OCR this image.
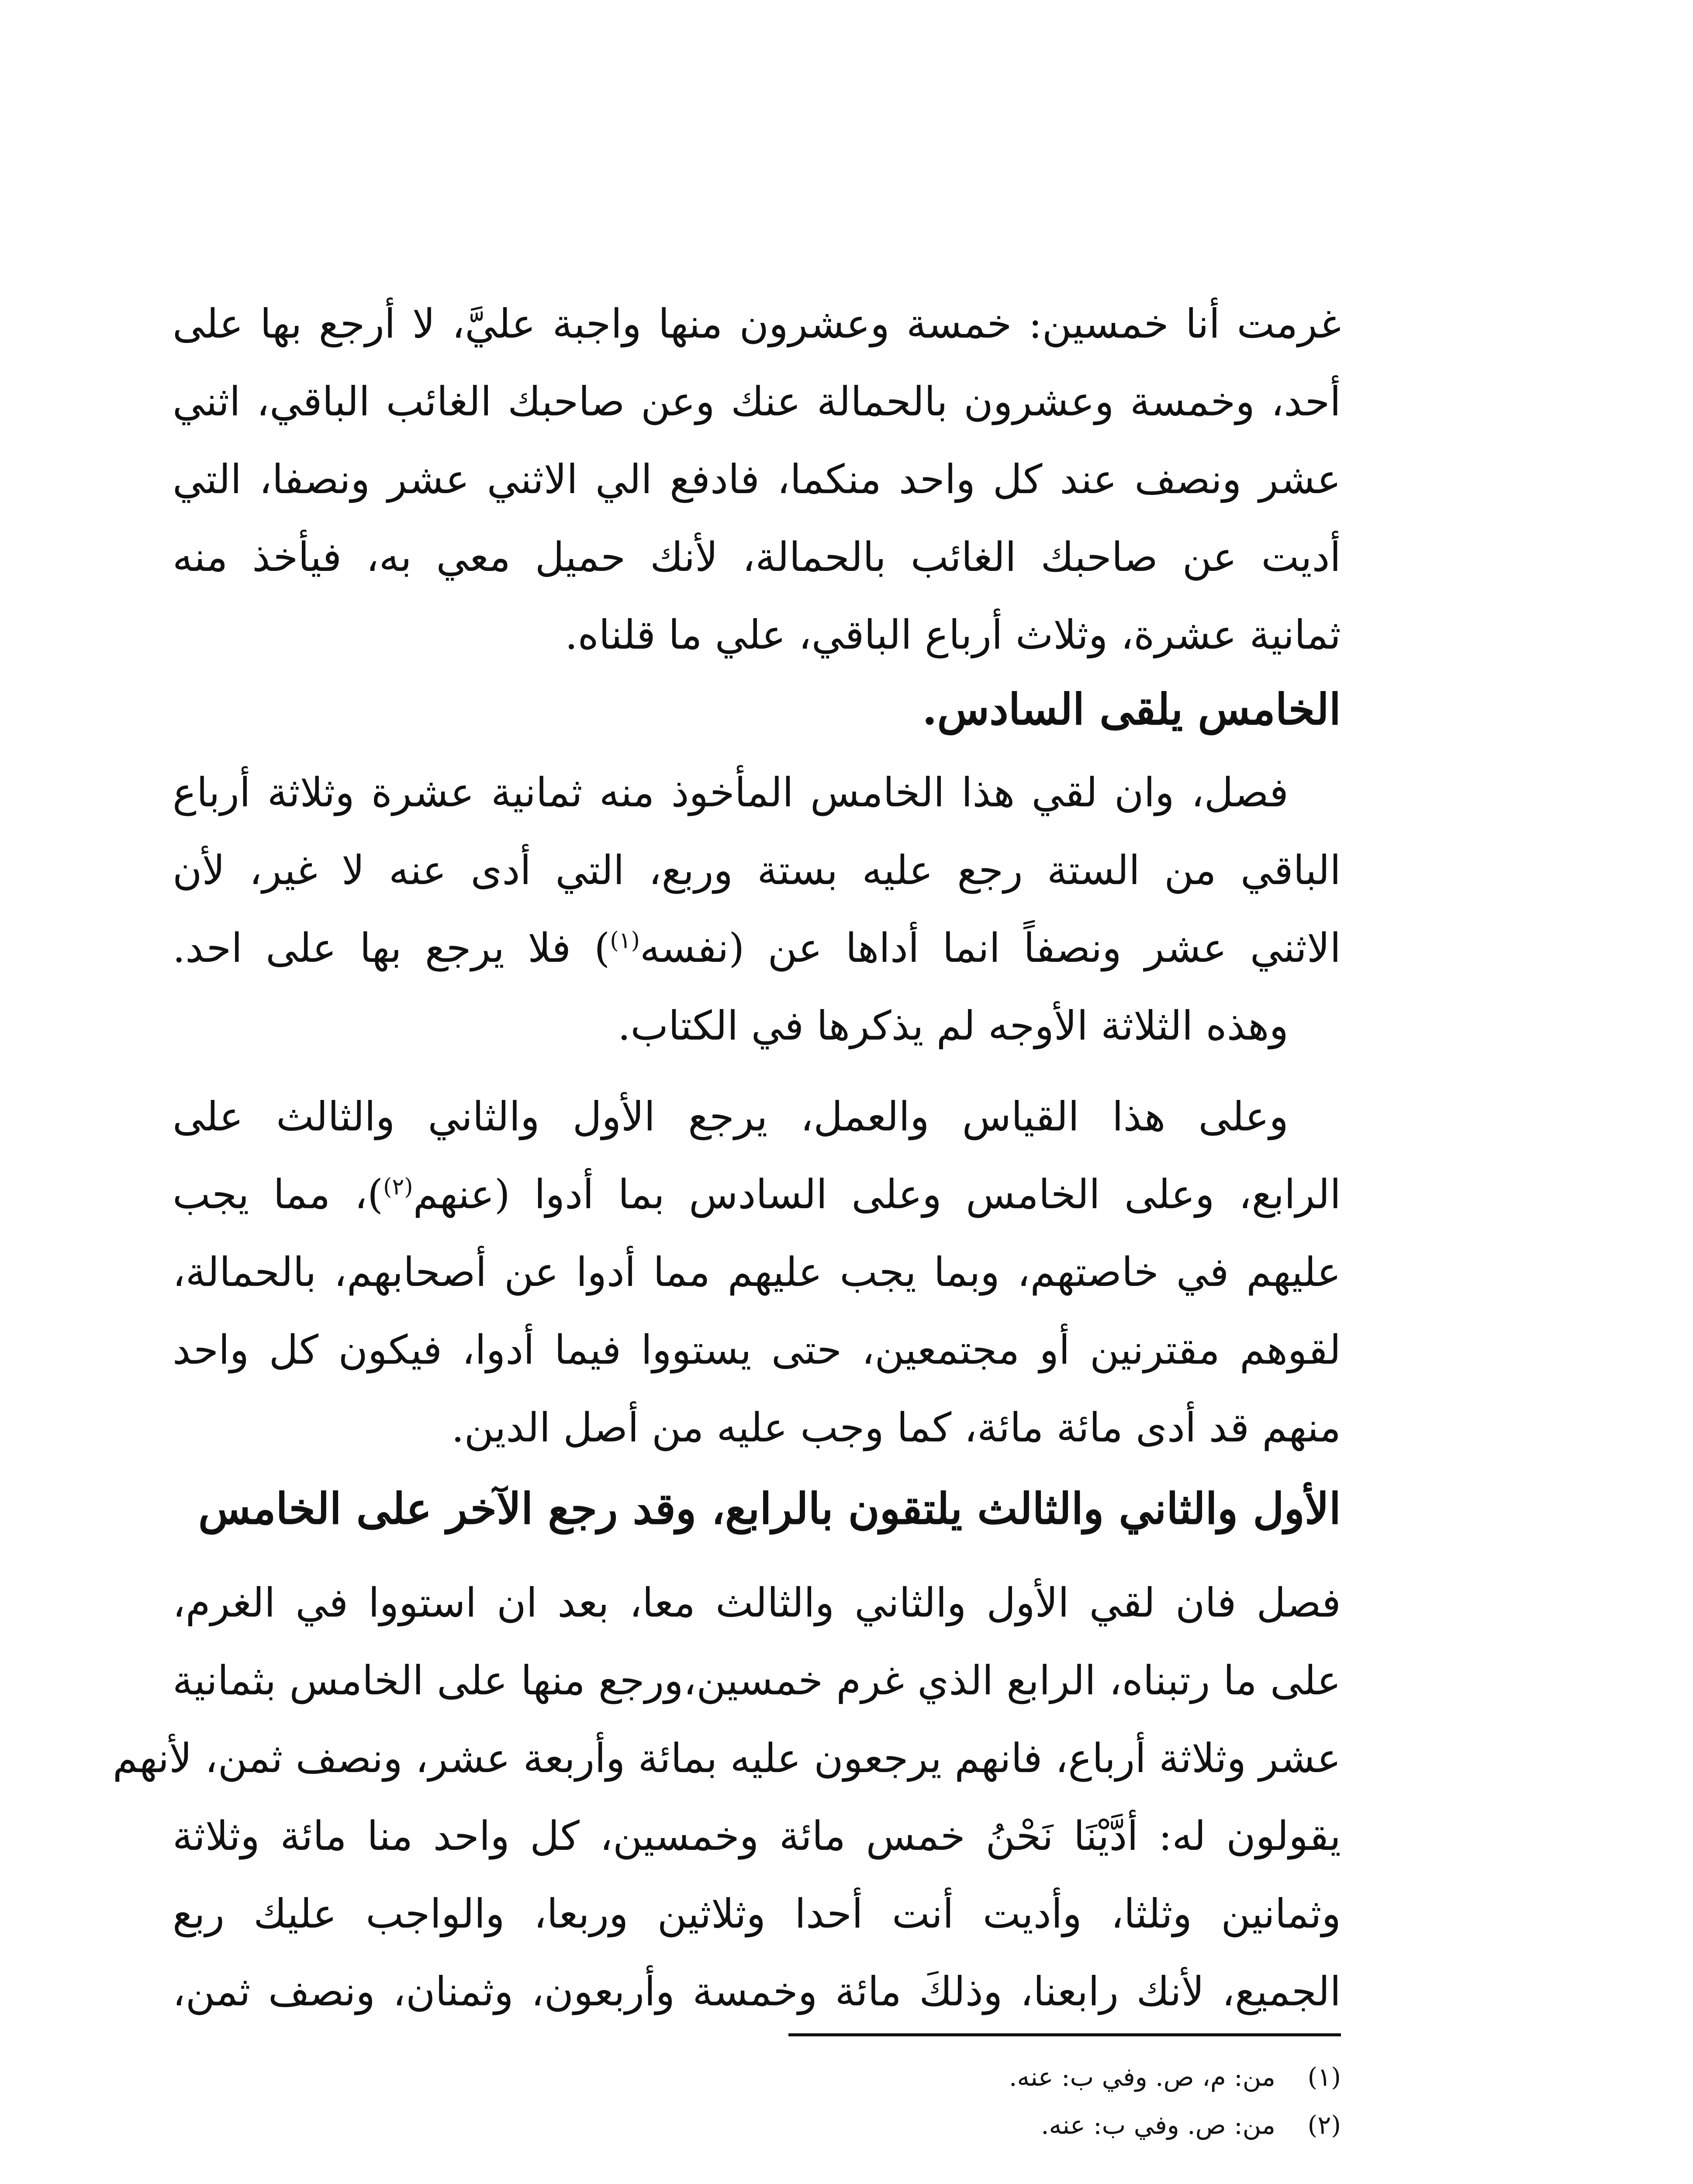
غرمت أنا خمسين: خمسة وعشرون منها واجبة عليَّ، لا أرجع بها على
أحد، وخمسة وعشرون بالحمالة عنك وعن صاحبك الغائب الباقي، اثني
عشر ونصف عند كل واحد منكما، فادفع الي الاثني عشر ونصفا، التي
أديت عن صاحبك الغائب بالحمالة، لأنك حميل معي به، فيأخذ منه
ثمانية عشرة، وثلاث أرباع الباقي، علي ما قلناه.
الخامس يلقى السادس.
فصل، وان لقي هذا الخامس المأخوذ منه ثمانية عشرة وثلاثة أرباع
الباقي من الستة رجع عليه بستة وربع، التي أدى عنه لا غير، لأن
الاثني عشر ونصفاً انما أداها عن (نفسه$^{(١)}$) فلا يرجع بها على احد.
وهذه الثلاثة الأوجه لم يذكرها في الكتاب.
وعلى هذا القياس والعمل، يرجع الأول والثاني والثالث على
الرابع، وعلى الخامس وعلى السادس بما أدوا (عنهم$^{(٢)}$)، مما يجب
عليهم في خاصتهم، وبما يجب عليهم مما أدوا عن أصحابهم، بالحمالة،
لقوهم مقترنين أو مجتمعين، حتى يستووا فيما أدوا، فيكون كل واحد
منهم قد أدى مائة مائة، كما وجب عليه من أصل الدين.
الأول والثاني والثالث يلتقون بالرابع، وقد رجع الآخر على الخامس
فصل فان لقي الأول والثاني والثالث معا، بعد ان استووا في الغرم،
على ما رتبناه، الرابع الذي غرم خمسين،ورجع منها على الخامس بثمانية
عشر وثلاثة أرباع، فانهم يرجعون عليه بمائة وأربعة عشر، ونصف ثمن، لأنهم
يقولون له: أدَّيْنَا نَحْنُ خمس مائة وخمسين، كل واحد منا مائة وثلاثة
وثمانين وثلثا، وأديت أنت أحدا وثلاثين وربعا، والواجب عليك ربع
الجميع، لأنك رابعنا، وذلكَ مائة وخمسة وأربعون، وثمنان، ونصف ثمن،
(١)من: م، ص. وفي ب: عنه.
(٢)من: ص. وفي ب: عنه.
